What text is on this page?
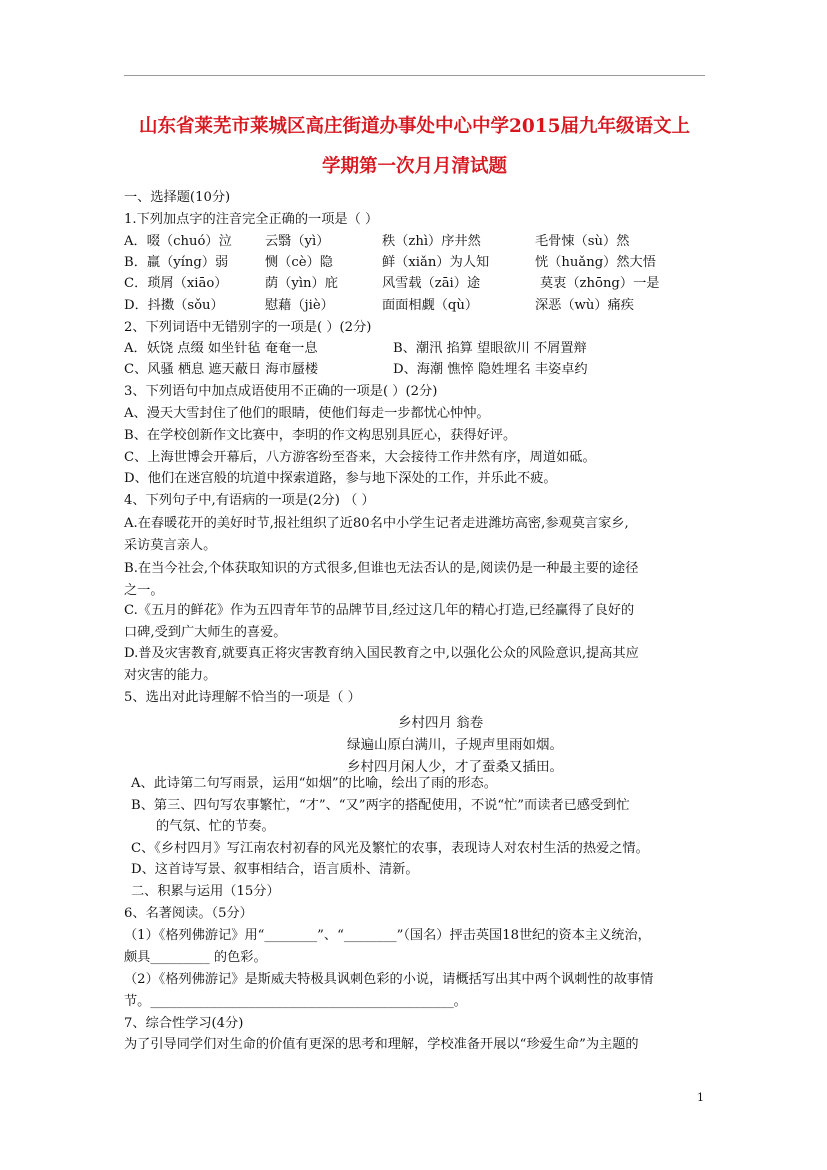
山东省莱芜市莱城区高庄街道办事处中心中学2015届九年级语文上
学期第一次月月清试题
一、选择题(10分)
1.下列加点字的注音完全正确的一项是（ ）
A．啜（chuó）泣	云翳（yì）	秩（zhì）序井然	毛骨悚（sù）然
B．羸（yíng）弱	恻（cè）隐	鲜（xiǎn）为人知	恍（huǎng）然大悟
C．琐屑（xiāo）	荫（yìn）庇	风雪载（zāi）途	莫衷（zhōng）一是
D．抖擞（sǒu）	慰藉（jiè）	面面相觑（qù）	深恶（wù）痛疾
2、下列词语中无错别字的一项是( ）(2分)
A．妖饶 点缀 如坐针毡 奄奄一息	B、潮汛 掐算 望眼欲川 不屑置辩
C、风骚 栖息 遮天蔽日 海市蜃楼	D、海潮 憔悴 隐姓埋名 丰姿卓约
3、下列语句中加点成语使用不正确的一项是( ）(2分)
A、漫天大雪封住了他们的眼睛，使他们每走一步都忧心忡忡。
B、在学校创新作文比赛中，李明的作文构思别具匠心，获得好评。
C、上海世博会开幕后，八方游客纷至沓来，大会接待工作井然有序，周道如砥。
D、他们在迷宫般的坑道中探索道路，参与地下深处的工作，并乐此不疲。
4、下列句子中,有语病的一项是(2分) （ ）
A.在春暖花开的美好时节,报社组织了近80名中小学生记者走进潍坊高密,参观莫言家乡,
采访莫言亲人。
B.在当今社会,个体获取知识的方式很多,但谁也无法否认的是,阅读仍是一种最主要的途径
之一。
C.《五月的鲜花》作为五四青年节的品牌节目,经过这几年的精心打造,已经赢得了良好的
口碑,受到广大师生的喜爱。
D.普及灾害教育,就要真正将灾害教育纳入国民教育之中,以强化公众的风险意识,提高其应
对灾害的能力。
5、选出对此诗理解不恰当的一项是（ ）
乡村四月 翁卷
绿遍山原白满川，子规声里雨如烟。
乡村四月闲人少，才了蚕桑又插田。
A、此诗第二句写雨景，运用“如烟”的比喻，绘出了雨的形态。
B、第三、四句写农事繁忙，“才”、“又”两字的搭配使用，不说“忙”而读者已感受到忙
的气氛、忙的节奏。
C、《乡村四月》写江南农村初春的风光及繁忙的农事，表现诗人对农村生活的热爱之情。
D、这首诗写景、叙事相结合，语言质朴、清新。
二、积累与运用（15分）
6、名著阅读。（5分）
（1）《格列佛游记》用“________”、“________”（国名）抨击英国18世纪的资本主义统治，
颇具_________ 的色彩。
（2）《格列佛游记》是斯威夫特极具讽刺色彩的小说，请概括写出其中两个讽刺性的故事情
节。______________________________________________。
7、综合性学习(4分)
为了引导同学们对生命的价值有更深的思考和理解，学校准备开展以“珍爱生命”为主题的
1
